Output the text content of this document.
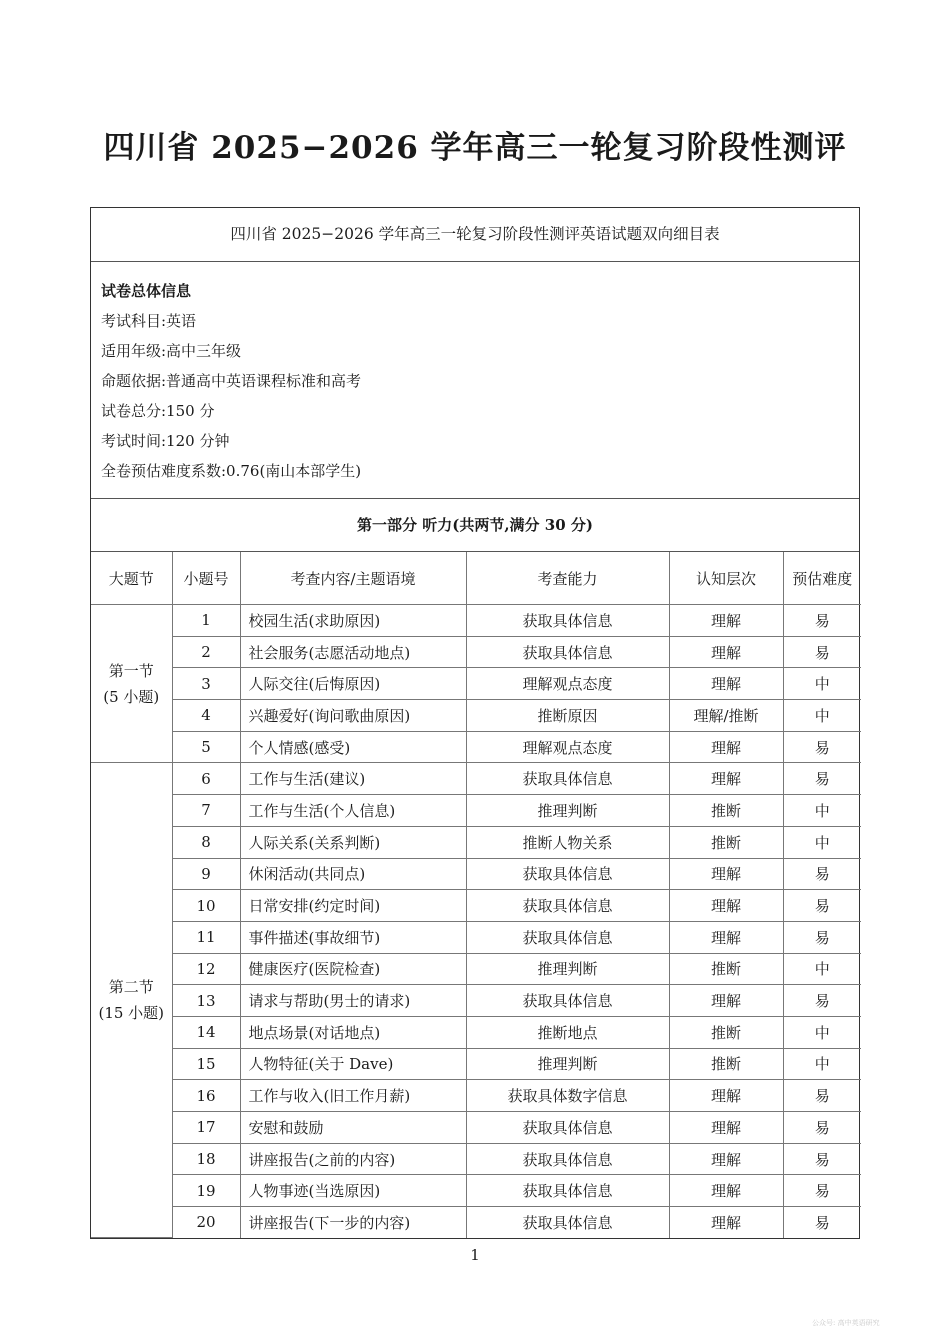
四川省 2025−2026 学年高三一轮复习阶段性测评
四川省 2025−2026 学年高三一轮复习阶段性测评英语试题双向细目表
试卷总体信息
考试科目:英语
适用年级:高中三年级
命题依据:普通高中英语课程标准和高考
试卷总分:150 分
考试时间:120 分钟
全卷预估难度系数:0.76(南山本部学生)
第一部分 听力(共两节,满分 30 分)
大题节	小题号	考查内容/主题语境	考查能力	认知层次	预估难度

第一节
(5 小题)	1	校园生活(求助原因)	获取具体信息	理解	易
	2	社会服务(志愿活动地点)	获取具体信息	理解	易
	3	人际交往(后悔原因)	理解观点态度	理解	中
	4	兴趣爱好(询问歌曲原因)	推断原因	理解/推断	中
	5	个人情感(感受)	理解观点态度	理解	易

第二节
(15 小题)	6	工作与生活(建议)	获取具体信息	理解	易
	7	工作与生活(个人信息)	推理判断	推断	中
	8	人际关系(关系判断)	推断人物关系	推断	中
	9	休闲活动(共同点)	获取具体信息	理解	易
	10	日常安排(约定时间)	获取具体信息	理解	易
	11	事件描述(事故细节)	获取具体信息	理解	易
	12	健康医疗(医院检查)	推理判断	推断	中
	13	请求与帮助(男士的请求)	获取具体信息	理解	易
	14	地点场景(对话地点)	推断地点	推断	中
	15	人物特征(关于 Dave)	推理判断	推断	中
	16	工作与收入(旧工作月薪)	获取具体数字信息	理解	易
	17	安慰和鼓励	获取具体信息	理解	易
	18	讲座报告(之前的内容)	获取具体信息	理解	易
	19	人物事迹(当选原因)	获取具体信息	理解	易
	20	讲座报告(下一步的内容)	获取具体信息	理解	易
1
公众号: 高中英语研究
